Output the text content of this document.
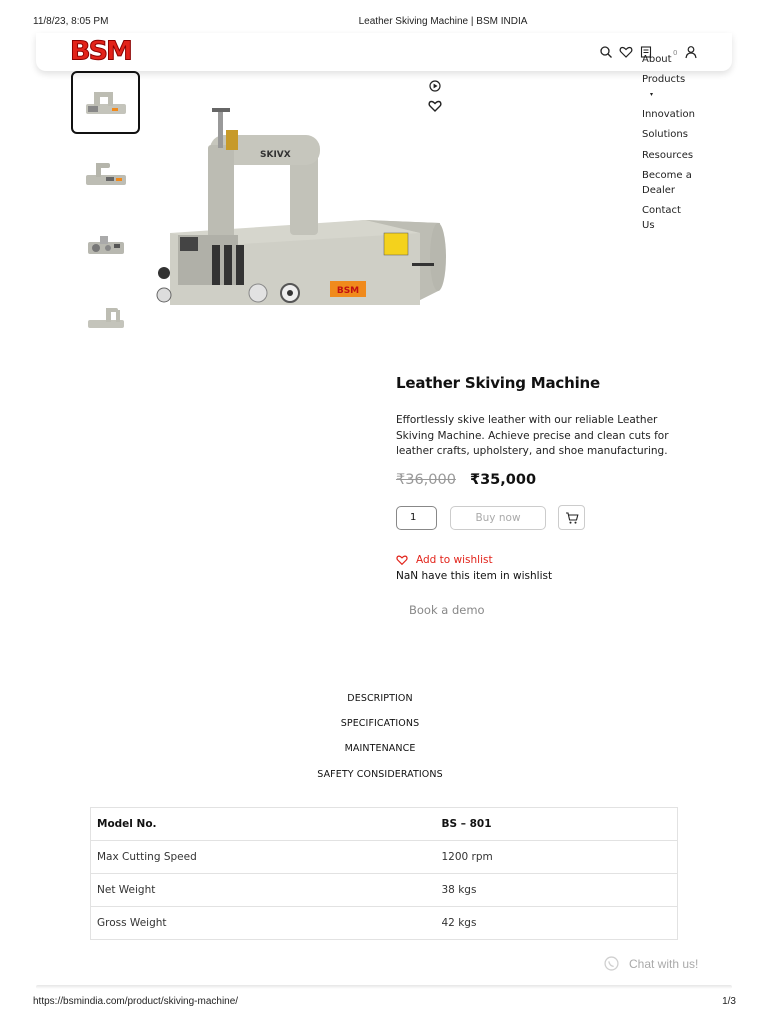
11/8/23, 8:05 PM	Leather Skiving Machine | BSM INDIA
BSM	0
About
Products
▾
Innovation
Solutions
Resources
Become a
Dealer
Contact
Us
SKIVX
BSM
Leather Skiving Machine
Effortlessly skive leather with our reliable Leather Skiving Machine. Achieve precise and clean cuts for leather crafts, upholstery, and shoe manufacturing.
₹36,000 ₹35,000
1	Buy now
Add to wishlist
NaN have this item in wishlist
Book a demo
DESCRIPTION
SPECIFICATIONS
MAINTENANCE
SAFETY CONSIDERATIONS
Model No.	BS – 801
Max Cutting Speed	1200 rpm
Net Weight	38 kgs
Gross Weight	42 kgs
Chat with us!
https://bsmindia.com/product/skiving-machine/	1/3
